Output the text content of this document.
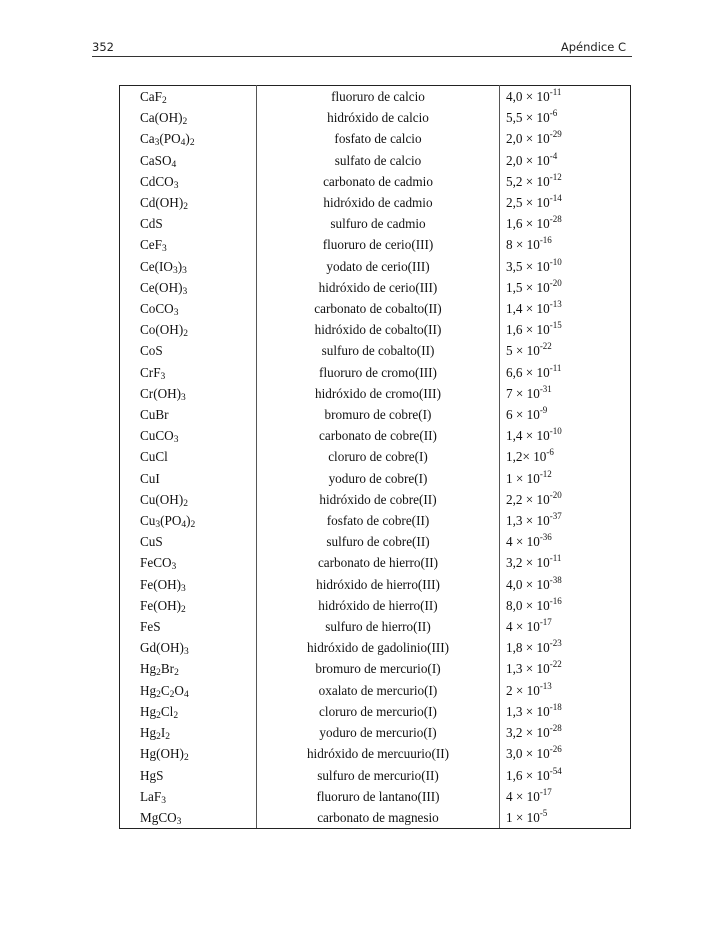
352	Apéndice C
CaF$_2$	fluoruro de calcio	$4,0 \times 10^{-11}$
$Ca(OH)_2$	hidróxido de calcio	$5,5 \times 10^{-6}$
$Ca_3(PO_4)_2$	fosfato de calcio	$2,0 \times 10^{-29}$
CaSO$_4$	sulfato de calcio	$2,0 \times 10^{-4}$
CdCO$_3$	carbonato de cadmio	$5,2 \times 10^{-12}$
$Cd(OH)_2$	hidróxido de cadmio	$2,5 \times 10^{-14}$
CdS	sulfuro de cadmio	$1,6 \times 10^{-28}$
CeF$_3$	fluoruro de cerio(III)	$8 \times 10^{-16}$
$Ce(IO_3)_3$	yodato de cerio(III)	$3,5 \times 10^{-10}$
$Ce(OH)_3$	hidróxido de cerio(III)	$1,5 \times 10^{-20}$
CoCO$_3$	carbonato de cobalto(II)	$1,4 \times 10^{-13}$
$Co(OH)_2$	hidróxido de cobalto(II)	$1,6 \times 10^{-15}$
CoS	sulfuro de cobalto(II)	$5 \times 10^{-22}$
CrF$_3$	fluoruro de cromo(III)	$6,6 \times 10^{-11}$
$Cr(OH)_3$	hidróxido de cromo(III)	$7 \times 10^{-31}$
CuBr	bromuro de cobre(I)	$6 \times 10^{-9}$
CuCO$_3$	carbonato de cobre(II)	$1,4 \times 10^{-10}$
CuCl	cloruro de cobre(I)	$1,2\times 10^{-6}$
CuI	yoduro de cobre(I)	$1 \times 10^{-12}$
$Cu(OH)_2$	hidróxido de cobre(II)	$2,2 \times 10^{-20}$
$Cu_3(PO_4)_2$	fosfato de cobre(II)	$1,3 \times 10^{-37}$
CuS	sulfuro de cobre(II)	$4 \times 10^{-36}$
FeCO$_3$	carbonato de hierro(II)	$3,2 \times 10^{-11}$
$Fe(OH)_3$	hidróxido de hierro(III)	$4,0 \times 10^{-38}$
$Fe(OH)_2$	hidróxido de hierro(II)	$8,0 \times 10^{-16}$
FeS	sulfuro de hierro(II)	$4 \times 10^{-17}$
$Gd(OH)_3$	hidróxido de gadolinio(III)	$1,8 \times 10^{-23}$
$Hg_2Br_2$	bromuro de mercurio(I)	$1,3 \times 10^{-22}$
$Hg_2C_2O_4$	oxalato de mercurio(I)	$2 \times 10^{-13}$
$Hg_2Cl_2$	cloruro de mercurio(I)	$1,3 \times 10^{-18}$
$Hg_2I_2$	yoduro de mercurio(I)	$3,2 \times 10^{-28}$
$Hg(OH)_2$	hidróxido de mercuurio(II)	$3,0 \times 10^{-26}$
HgS	sulfuro de mercurio(II)	$1,6 \times 10^{-54}$
LaF$_3$	fluoruro de lantano(III)	$4 \times 10^{-17}$
MgCO$_3$	carbonato de magnesio	$1 \times 10^{-5}$
